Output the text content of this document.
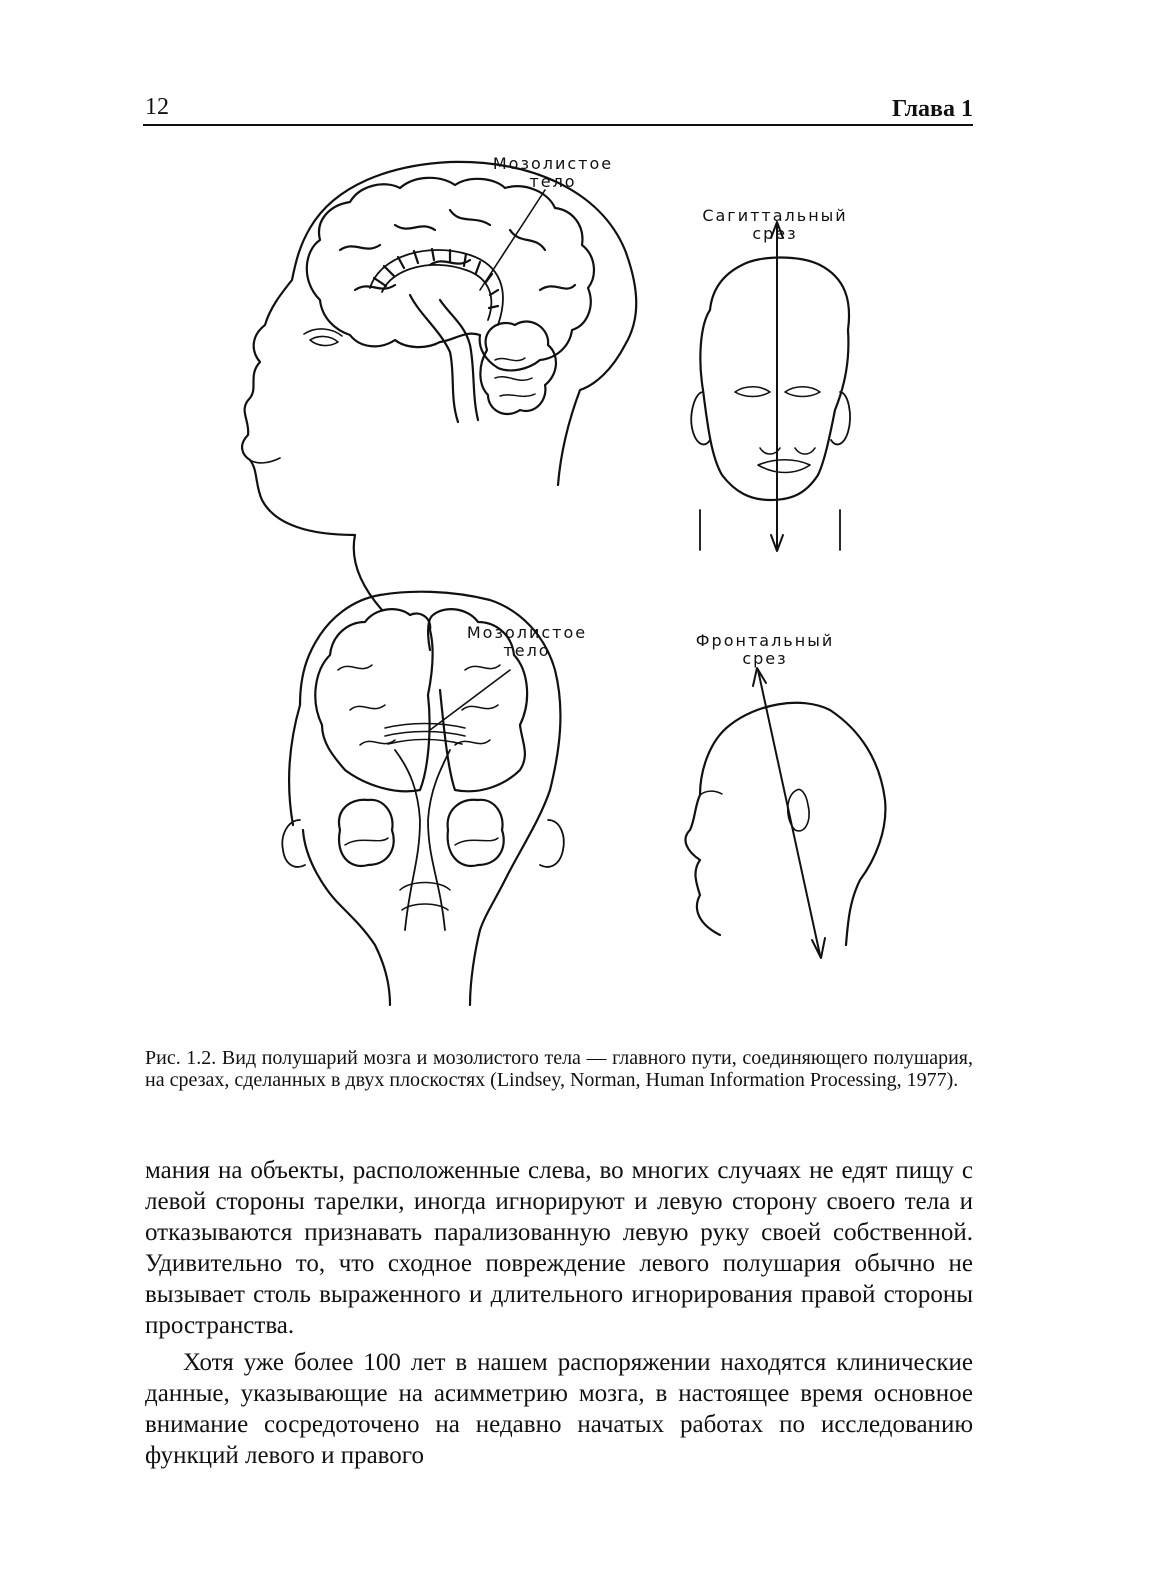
12	Глава 1
Мозолистое
тело
Сагиттальный
срез
Мозолистое
тело
Фронтальный
срез
Рис. 1.2. Вид полушарий мозга и мозолистого тела — главного пути, соединяющего полушария, на срезах, сделанных в двух плоскостях (Lindsey, Norman, Human Information Processing, 1977).

мания на объекты, расположенные слева, во многих случаях не едят пищу с левой стороны тарелки, иногда игнорируют и левую сторону своего тела и отказываются признавать парализованную левую руку своей собственной. Удивительно то, что сходное повреждение левого полушария обычно не вызывает столь выраженного и длительного игнорирования правой стороны пространства.

Хотя уже более 100 лет в нашем распоряжении находятся клинические данные, указывающие на асимметрию мозга, в настоящее время основное внимание сосредоточено на недавно начатых работах по исследованию функций левого и правого
